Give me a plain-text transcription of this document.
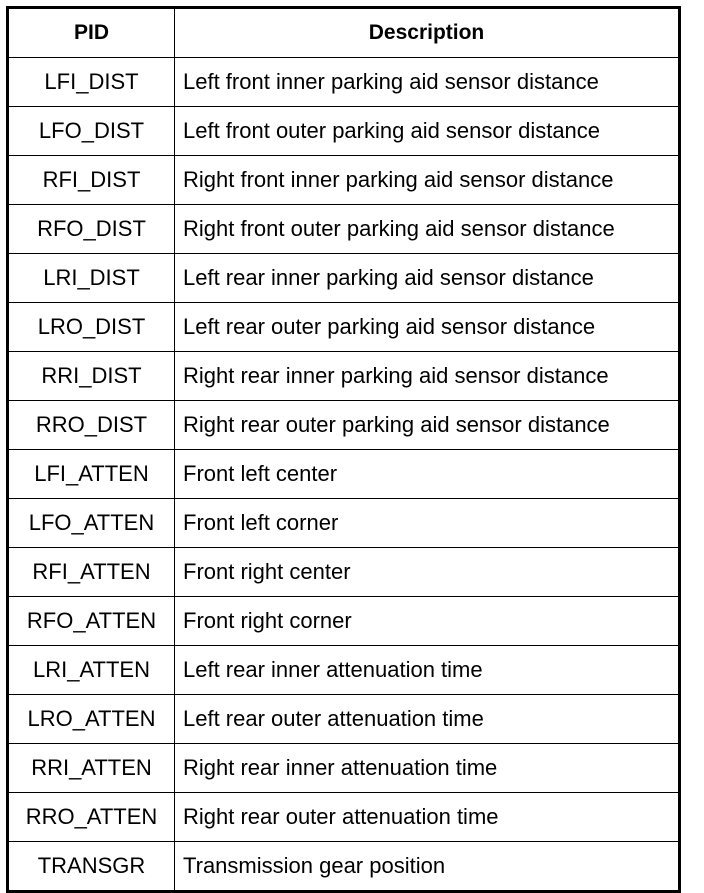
PID	Description
LFI_DIST	Left front inner parking aid sensor distance
LFO_DIST	Left front outer parking aid sensor distance
RFI_DIST	Right front inner parking aid sensor distance
RFO_DIST	Right front outer parking aid sensor distance
LRI_DIST	Left rear inner parking aid sensor distance
LRO_DIST	Left rear outer parking aid sensor distance
RRI_DIST	Right rear inner parking aid sensor distance
RRO_DIST	Right rear outer parking aid sensor distance
LFI_ATTEN	Front left center
LFO_ATTEN	Front left corner
RFI_ATTEN	Front right center
RFO_ATTEN	Front right corner
LRI_ATTEN	Left rear inner attenuation time
LRO_ATTEN	Left rear outer attenuation time
RRI_ATTEN	Right rear inner attenuation time
RRO_ATTEN	Right rear outer attenuation time
TRANSGR	Transmission gear position
